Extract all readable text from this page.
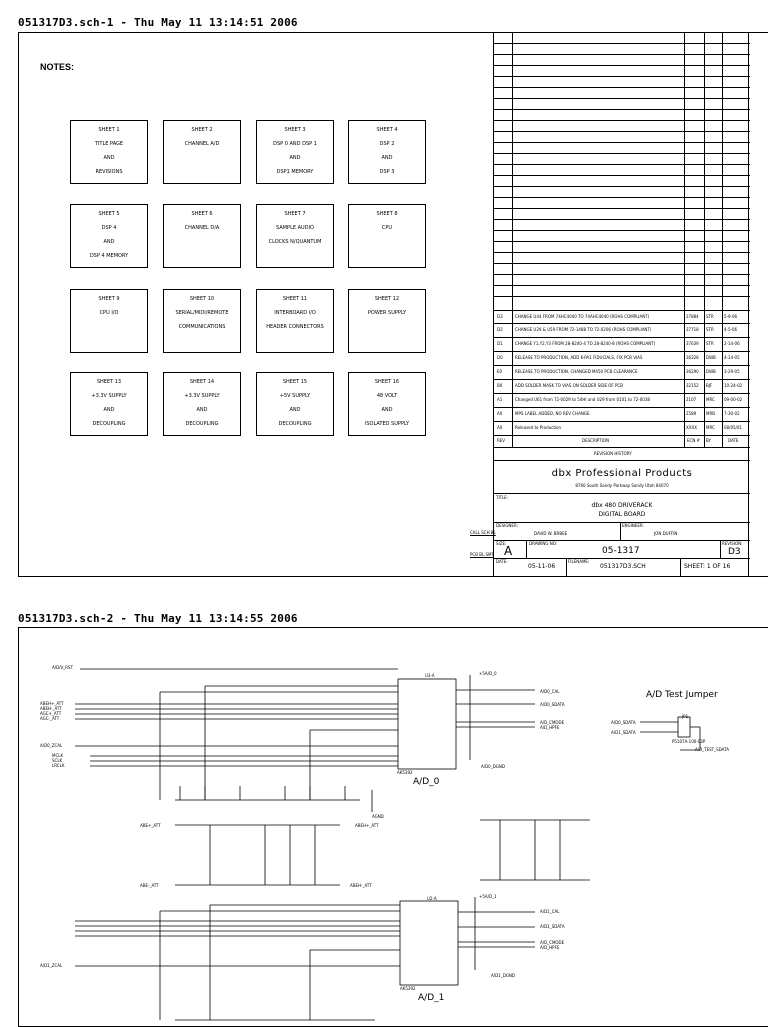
051317D3.sch-1 - Thu May 11 13:14:51 2006
NOTES:
SHEET 1
TITLE PAGE
AND
REVISIONS
SHEET 2
CHANNEL A/D
SHEET 3
DSP 0 AND DSP 1
AND
DSP1 MEMORY
SHEET 4
DSP 2
AND
DSP 3
SHEET 5
DSP 4
AND
DSP 4 MEMORY
SHEET 6
CHANNEL D/A
SHEET 7
SAMPLE AUDIO
CLOCKS N/QUANTUM
SHEET 8
CPU
SHEET 9
CPU I/O
SHEET 10
SERIAL/MIDI/REMOTE
COMMUNICATIONS
SHEET 11
INTERBOARD I/O
HEADER CONNECTORS
SHEET 12
POWER SUPPLY
SHEET 13
+3.3V SUPPLY
AND
DECOUPLING
SHEET 14
+3.3V SUPPLY
AND
DECOUPLING
SHEET 15
+5V SUPPLY
AND
DECOUPLING
SHEET 16
48 VOLT
AND
ISOLATED SUPPLY
D3	CHANGE U44 FROM 74HC4040 TO 74AHC4040 (ROHS COMPLIANT)	37884 STR	5-9-06
D2	CHANGE U29 & U59 FROM 72-1488 TO 72-0206 (ROHS COMPLIANT)	37718 STR	4-5-06
D1	CHANGE Y1,Y2,Y3 FROM 28-8240-4 TO 28-8240-8 (ROHS COMPLIANT)	37639 STR	2-14-06
D0	RELEASE TO PRODUCTION, ADD K-PA1 FIDUCIALS, FIX PCB VIAS	36328 DWB 4-14-05
E0	RELEASE TO PRODUCTION, CHANGED M450 PCB CLEARANCE	36290 DWB 3-29-05
B0	ADD SOLDER MASK TO VIAS ON SOLDER SIDE OF PCB	32152 BJF	10-24-02
A1	Changed U61 from 72-0029 to 54HI and U29 from 0101 to 72-0038	2107 MRC 09-00-02
A0	MPS LABEL ADDED, NO REV CHANGE.	2589 MRB 7-30-02
A0	Released to Production	XXXX MRC 08/05/01
REV	DESCRIPTION	ECN # BY	DATE
REVISION HISTORY
dbx Professional Products
8760 South Sandy Parkway Sandy Utah 84070
TITLE:
dbx 480 DRIVERACK
DIGITAL BOARD
DESIGNER:
DAVID W. BRBEE
ENGINEER:
JON DUFFIN
SIZE:
A
DRAWING NO:
05-1317
REVISION:
D3
DATE:
05-11-06
FILENAME:
051317D3.SCH	SHEET: 1 OF 16
CALL SCH.BL
PCB BL.SMT
051317D3.sch-2 - Thu May 11 13:14:55 2006
A/D Test Jumper
A/D_0
A/D_1
U3-A
U2-A
AK5392
AK5392
JP1
P5107A-100-03P
A/D/V_RST
ABEH+_ATT
ABEH-_ATT
AGC+_ATT
AGC-_ATT
A/D0_ZCAL
MCLK
SCLK
LRCLK
ABE+_ATT
ABE-_ATT
A/D1_ZCAL
A/D0_CAL
A/D0_SDATA
A/D_CMODE
A/D_HPFE
ABEH+_ATT
ABEH-_ATT
A/D1_CAL
A/D1_SDATA
A/D_CMODE
A/D_HPFE
A/D_TEST_SDATA
A/D0_SDATA
A/D1_SDATA
+5A/D_0
+5A/D_1
AGND
A/D0_DGND
A/D1_DGND
